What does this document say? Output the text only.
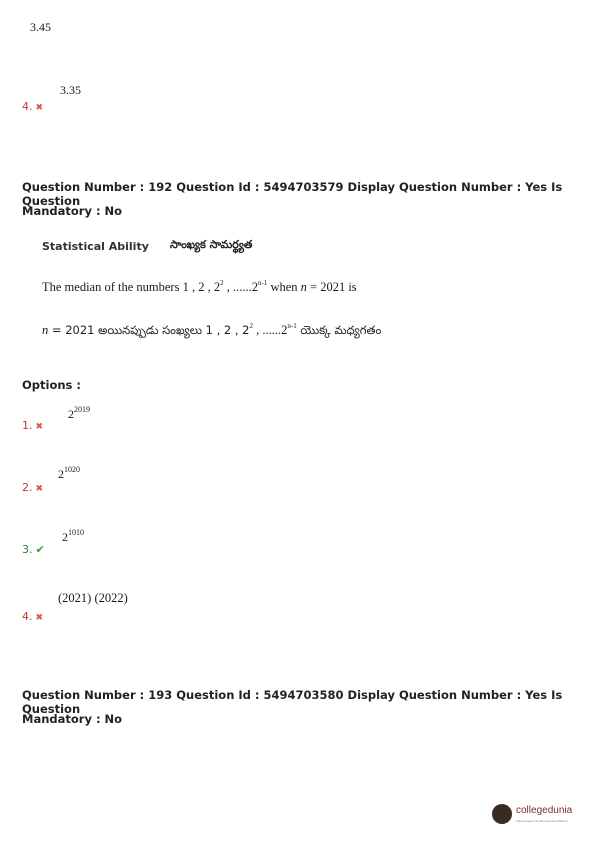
3.45
3.35
4. ✖
Question Number : 192 Question Id : 5494703579 Display Question Number : Yes Is Question
Mandatory : No
Statistical Ability సాంఖ్యక సామర్థ్యత
The median of the numbers 1 , 2 , $2^2$ , ......2$^{n-1}$ when n = 2021 is
n = 2021 అయినప్పుడు సంఖ్యలు 1 , 2 , $2^2$ , ......2$^{n-1}$ యొక్క మధ్యగతం
Options :
$2^{2019}$
1. ✖
$2^{1020}$
2. ✖
$2^{1010}$
3. ✔
(2021) (2022)
4. ✖
Question Number : 193 Question Id : 5494703580 Display Question Number : Yes Is Question
Mandatory : No
collegedunia
India's largest Student Review Platform
